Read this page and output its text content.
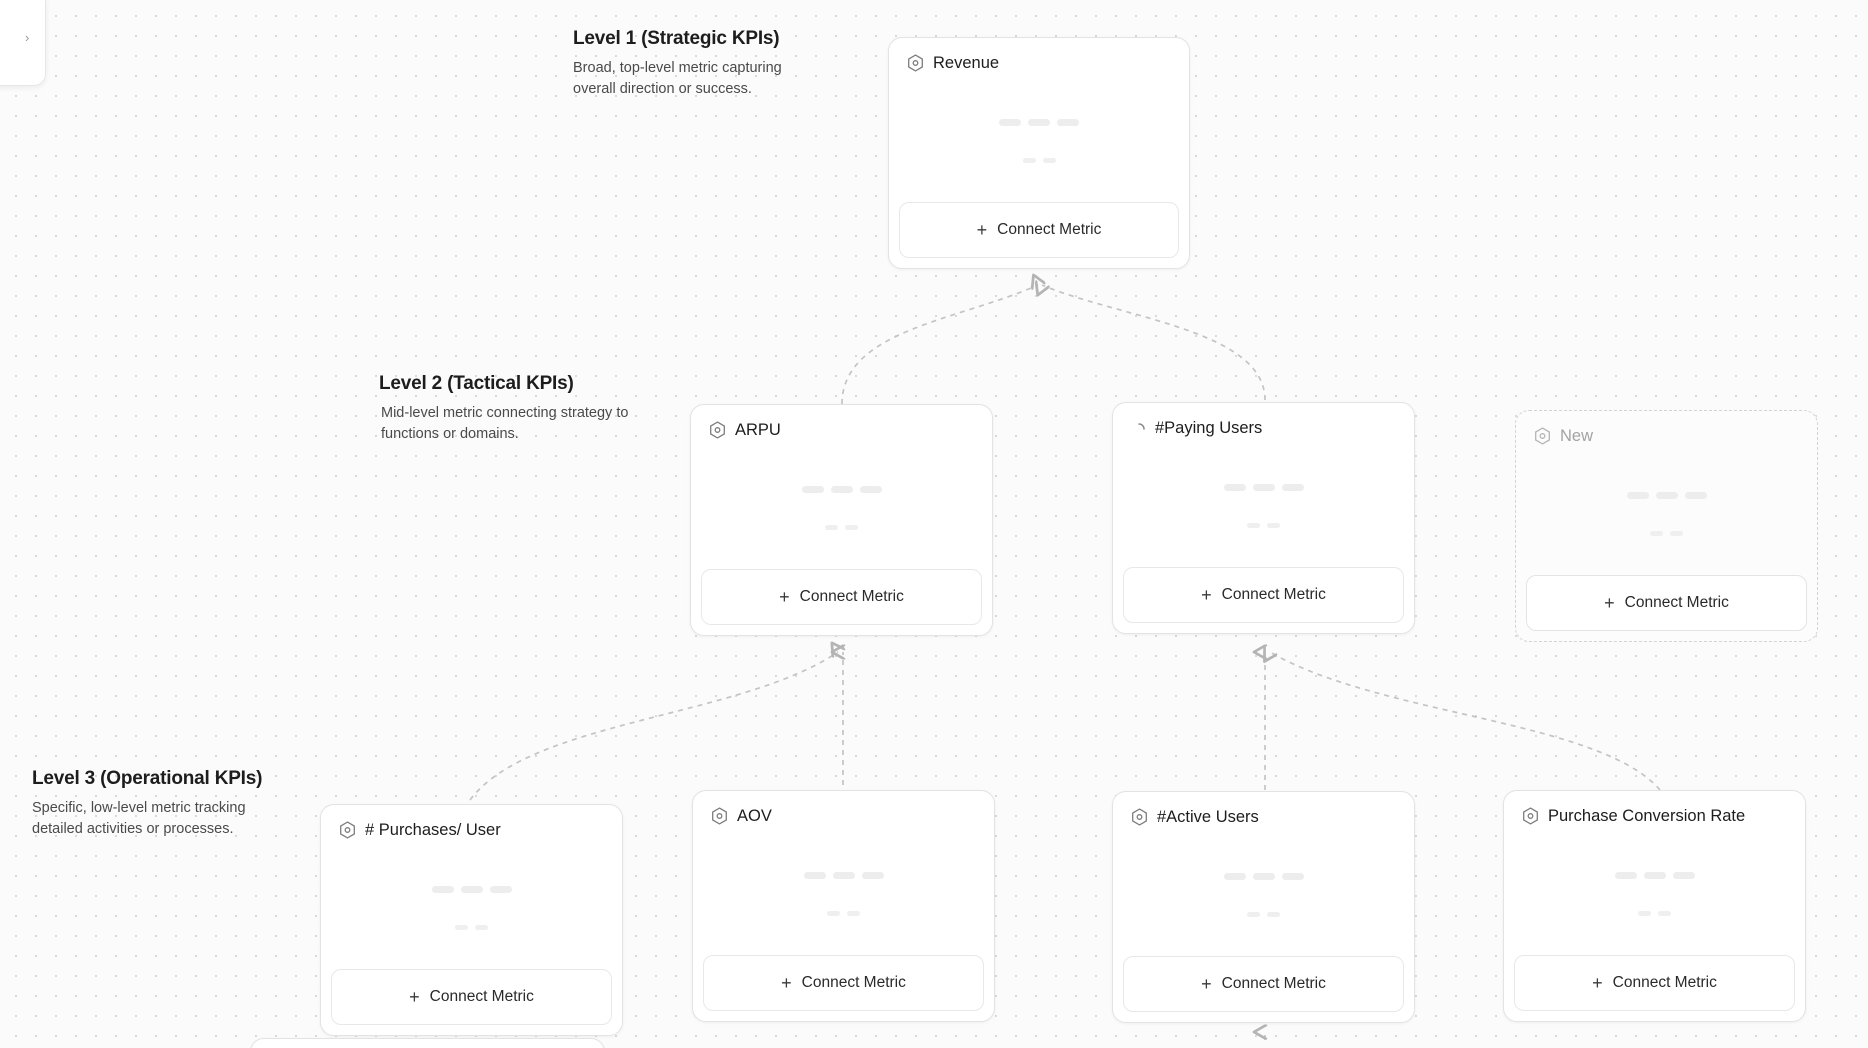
›	Level 1 (Strategic KPIs)
Broad, top-level metric capturing overall direction or success.
Level 2 (Tactical KPIs)
Mid-level metric connecting strategy to functions or domains.
Level 3 (Operational KPIs)
Specific, low-level metric tracking detailed activities or processes.
Revenue
+ Connect Metric
ARPU
+ Connect Metric
#Paying Users
+ Connect Metric
New
+ Connect Metric
# Purchases/ User
+ Connect Metric
AOV
+ Connect Metric
#Active Users
+ Connect Metric
Purchase Conversion Rate
+ Connect Metric
